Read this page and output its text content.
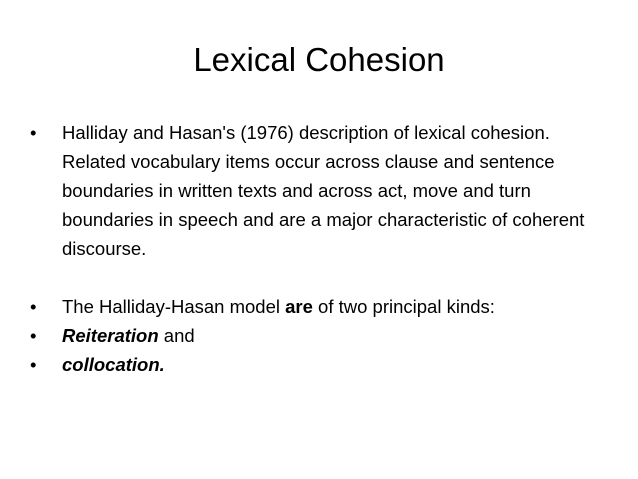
Lexical Cohesion
•	Halliday and Hasan's (1976) description of lexical cohesion. Related vocabulary items occur across clause and sentence boundaries in written texts and across act, move and turn boundaries in speech and are a major characteristic of coherent discourse.
•	The Halliday-Hasan model are of two principal kinds:
•	Reiteration and
•	collocation.
